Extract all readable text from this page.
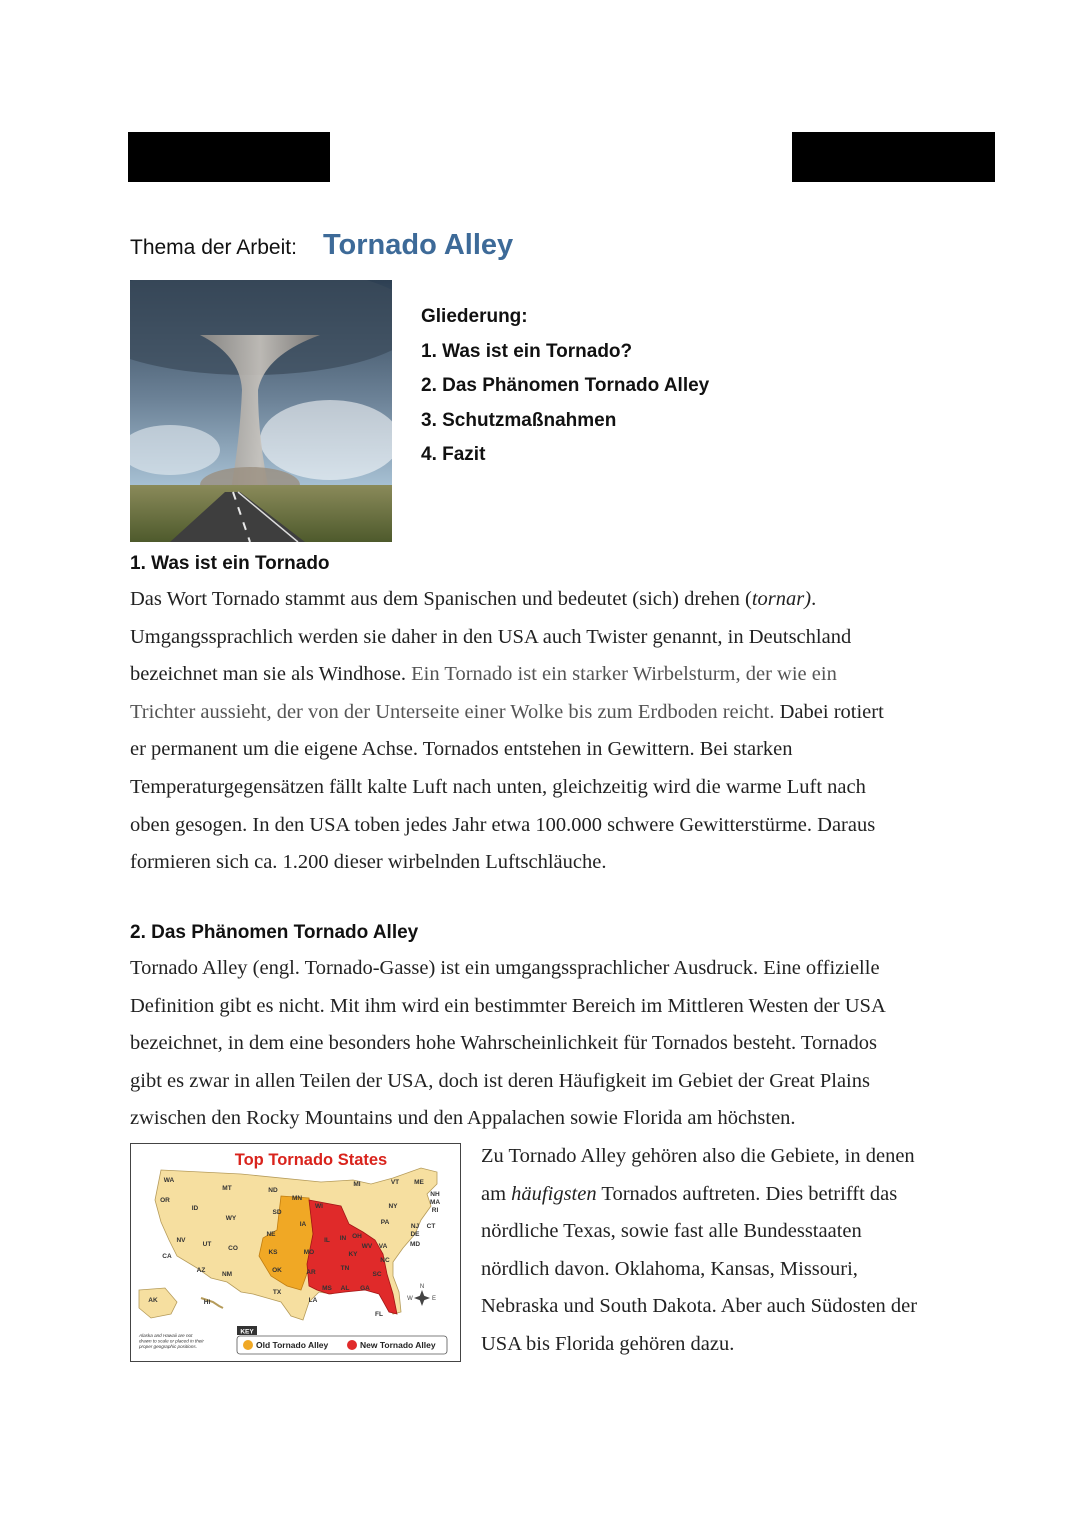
Thema der Arbeit: Tornado Alley
Gliederung:
1. Was ist ein Tornado?
2. Das Phänomen Tornado Alley
3. Schutzmaßnahmen
4. Fazit
1. Was ist ein Tornado
Das Wort Tornado stammt aus dem Spanischen und bedeutet (sich) drehen (tornar).
Umgangssprachlich werden sie daher in den USA auch Twister genannt, in Deutschland
bezeichnet man sie als Windhose. Ein Tornado ist ein starker Wirbelsturm, der wie ein
Trichter aussieht, der von der Unterseite einer Wolke bis zum Erdboden reicht. Dabei rotiert
er permanent um die eigene Achse. Tornados entstehen in Gewittern. Bei starken
Temperaturgegensätzen fällt kalte Luft nach unten, gleichzeitig wird die warme Luft nach
oben gesogen. In den USA toben jedes Jahr etwa 100.000 schwere Gewitterstürme. Daraus
formieren sich ca. 1.200 dieser wirbelnden Luftschläuche.
2. Das Phänomen Tornado Alley
Tornado Alley (engl. Tornado-Gasse) ist ein umgangssprachlicher Ausdruck. Eine offizielle
Definition gibt es nicht. Mit ihm wird ein bestimmter Bereich im Mittleren Westen der USA
bezeichnet, in dem eine besonders hohe Wahrscheinlichkeit für Tornados besteht. Tornados
gibt es zwar in allen Teilen der USA, doch ist deren Häufigkeit im Gebiet der Great Plains
zwischen den Rocky Mountains und den Appalachen sowie Florida am höchsten.
Top Tornado States
WA
OR
ID
MT
WY
NV
UT
CO
CA
AZ
NM
ND
SD
NE
KS
OK
TX
MN
IA
MO
AR
LA
WI
IL
MI
IN OH
KY
TN
MS AL GA
FL
SC
NC
VA
WV
PA
NY
VT ME
NH
MA
RI
CT
NJ
DE
MD
AK	HI
N
W	E
Alaska and Hawaii are not drawn to scale or placed in their proper geographic positions.
KEY
Old Tornado Alley	New Tornado Alley
Zu Tornado Alley gehören also die Gebiete, in denen
am häufigsten Tornados auftreten. Dies betrifft das
nördliche Texas, sowie fast alle Bundesstaaten
nördlich davon. Oklahoma, Kansas, Missouri,
Nebraska und South Dakota. Aber auch Südosten der
USA bis Florida gehören dazu.
